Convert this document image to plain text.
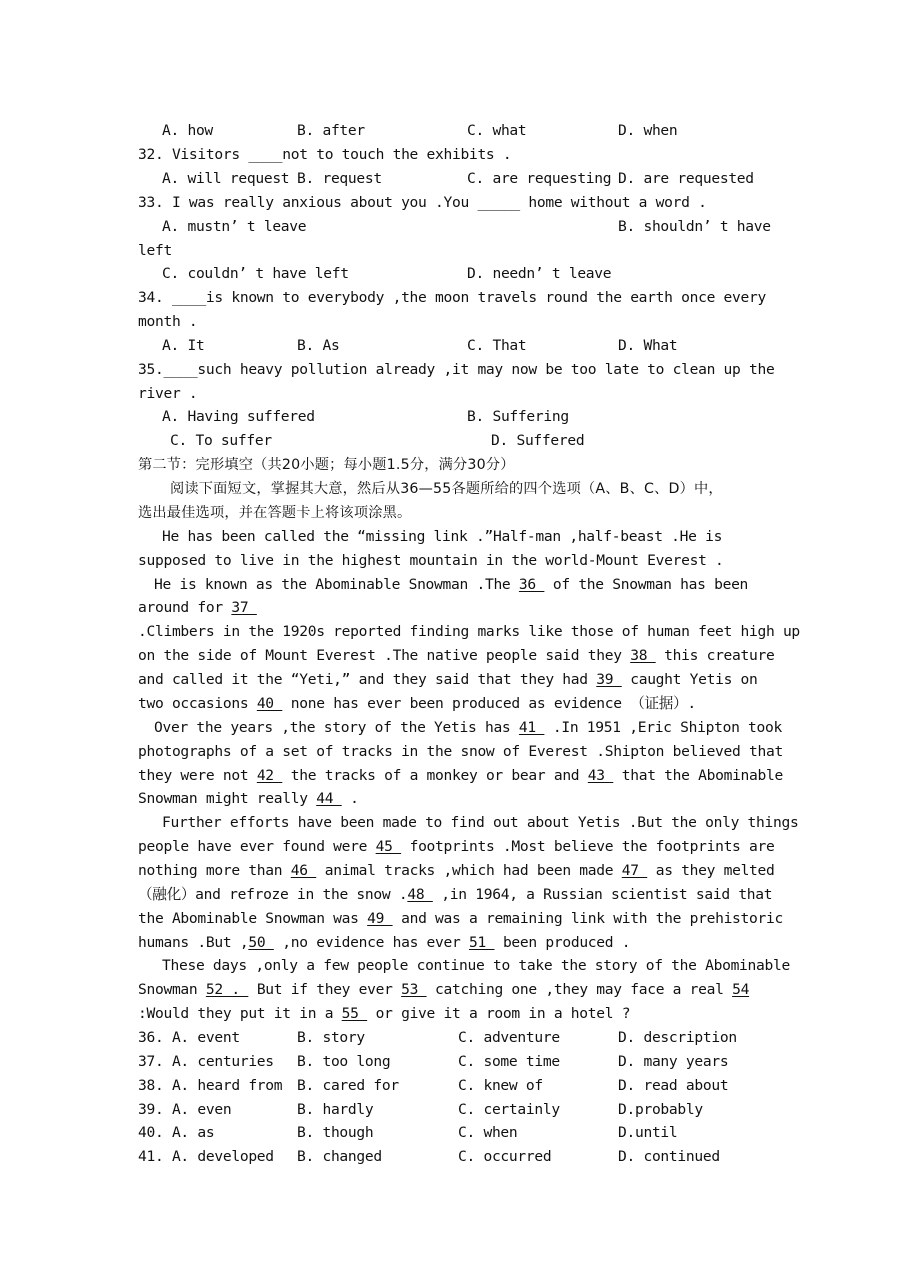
A. how	B. after	C. what	D. when
32. Visitors ____not to touch the exhibits .
A. will request B. request	C. are requesting D. are requested
33. I was really anxious about you .You _____ home without a word .
A. mustn’ t leave	B. shouldn’ t have
left
C. couldn’ t have left	D. needn’ t leave
34. ____is known to everybody ,the moon travels round the earth once every
month .
A. It	B. As	C. That	D. What
35.____such heavy pollution already ,it may now be too late to clean up the
river .
A. Having suffered	B. Suffering
C. To suffer	D. Suffered
第二节：完形填空（共20小题；每小题1.5分，满分30分）
阅读下面短文，掌握其大意，然后从36—55各题所给的四个选项（A、B、C、D）中，
选出最佳选项，并在答题卡上将该项涂黑。
He has been called the “missing link .”Half-man ,half-beast .He is
supposed to live in the highest mountain in the world-Mount Everest .
He is known as the Abominable Snowman .The 36  of the Snowman has been
around for 37
.Climbers in the 1920s reported finding marks like those of human feet high up
on the side of Mount Everest .The native people said they 38  this creature
and called it the “Yeti,” and they said that they had 39  caught Yetis on
two occasions 40  none has ever been produced as evidence （证据）.
Over the years ,the story of the Yetis has 41  .In 1951 ,Eric Shipton took
photographs of a set of tracks in the snow of Everest .Shipton believed that
they were not 42  the tracks of a monkey or bear and 43  that the Abominable
Snowman might really 44  .
Further efforts have been made to find out about Yetis .But the only things
people have ever found were 45  footprints .Most believe the footprints are
nothing more than 46  animal tracks ,which had been made 47  as they melted
（融化）and refroze in the snow .48  ,in 1964, a Russian scientist said that
the Abominable Snowman was 49  and was a remaining link with the prehistoric
humans .But ,50  ,no evidence has ever 51  been produced .
These days ,only a few people continue to take the story of the Abominable
Snowman 52 .  But if they ever 53  catching one ,they may face a real 54
:Would they put it in a 55  or give it a room in a hotel ?
36. A. event	B. story	C. adventure	D. description
37. A. centuries B. too long	C. some time	D. many years
38. A. heard from B. cared for	C. knew of	D. read about
39. A. even	B. hardly	C. certainly	D.probably
40. A. as	B. though	C. when	D.until
41. A. developed B. changed	C. occurred	D. continued
